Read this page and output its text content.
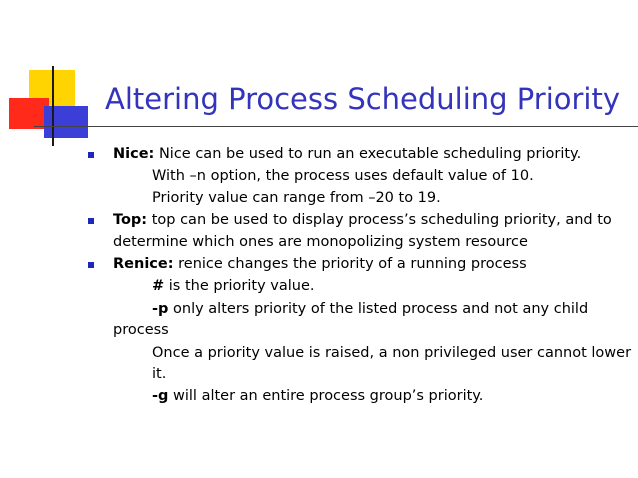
Altering Process Scheduling Priority
Nice: Nice can be used to run an executable scheduling priority.
With –n option, the process uses default value of 10.
Priority value can range from –20 to 19.
Top: top can be used to display process’s scheduling priority, and to
determine which ones are monopolizing system resource
Renice: renice changes the priority of a running process
# is the priority value.
-p only alters priority of the listed process and not any child
process
Once a priority value is raised, a non privileged user cannot lower
it.
-g will alter an entire process group’s priority.
